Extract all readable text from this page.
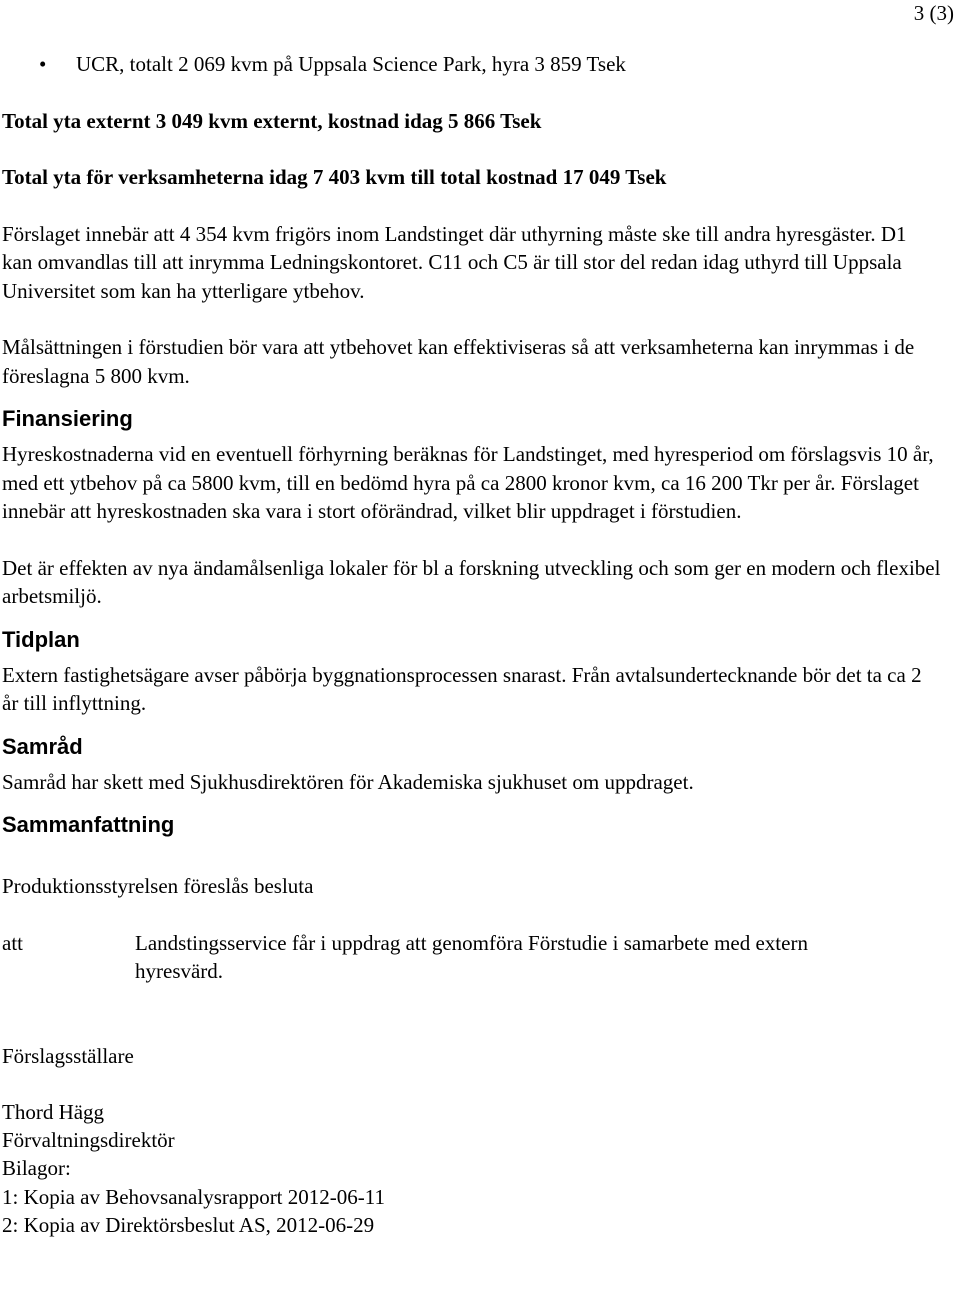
3 (3)
• UCR, totalt 2 069 kvm på Uppsala Science Park, hyra 3 859 Tsek

Total yta externt 3 049 kvm externt, kostnad idag 5 866 Tsek

Total yta för verksamheterna idag 7 403 kvm till total kostnad 17 049 Tsek

Förslaget innebär att 4 354 kvm frigörs inom Landstinget där uthyrning måste ske till andra hyresgäster. D1 kan omvandlas till att inrymma Ledningskontoret. C11 och C5 är till stor del redan idag uthyrd till Uppsala Universitet som kan ha ytterligare ytbehov.

Målsättningen i förstudien bör vara att ytbehovet kan effektiviseras så att verksamheterna kan inrymmas i de föreslagna 5 800 kvm.

Finansiering

Hyreskostnaderna vid en eventuell förhyrning beräknas för Landstinget, med hyresperiod om förslagsvis 10 år, med ett ytbehov på ca 5800 kvm, till en bedömd hyra på ca 2800 kronor kvm, ca 16 200 Tkr per år. Förslaget innebär att hyreskostnaden ska vara i stort oförändrad, vilket blir uppdraget i förstudien.

Det är effekten av nya ändamålsenliga lokaler för bl a forskning utveckling och som ger en modern och flexibel arbetsmiljö.

Tidplan

Extern fastighetsägare avser påbörja byggnationsprocessen snarast. Från avtalsundertecknande bör det ta ca 2 år till inflyttning.

Samråd

Samråd har skett med Sjukhusdirektören för Akademiska sjukhuset om uppdraget.

Sammanfattning

Produktionsstyrelsen föreslås besluta

att	Landstingsservice får i uppdrag att genomföra Förstudie i samarbete med extern hyresvärd.

Förslagsställare

Thord Hägg

Förvaltningsdirektör

Bilagor:

1: Kopia av Behovsanalysrapport 2012-06-11

2: Kopia av Direktörsbeslut AS, 2012-06-29
